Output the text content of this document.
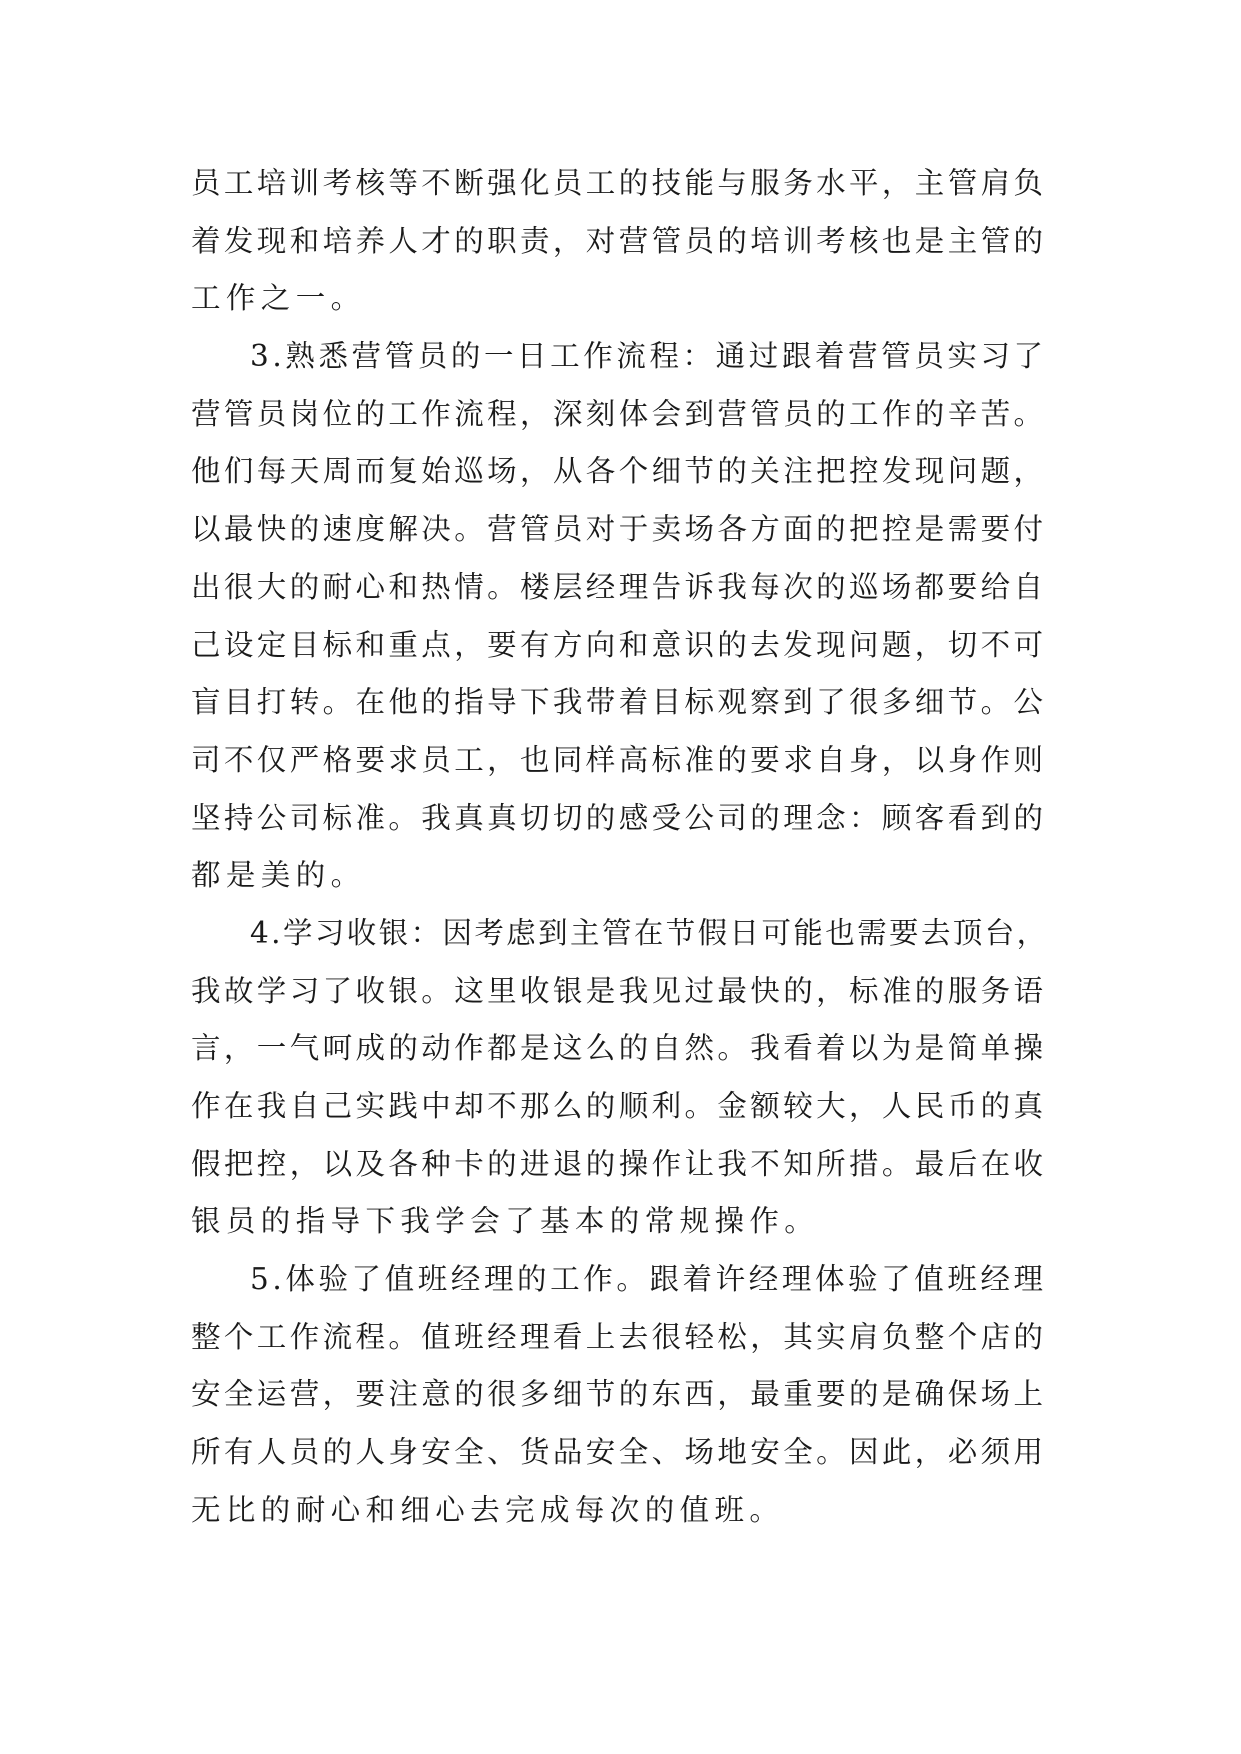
员工培训考核等不断强化员工的技能与服务水平，主管肩负
着发现和培养人才的职责，对营管员的培训考核也是主管的
工作之一。
3.熟悉营管员的一日工作流程：通过跟着营管员实习了
营管员岗位的工作流程，深刻体会到营管员的工作的辛苦。
他们每天周而复始巡场，从各个细节的关注把控发现问题，
以最快的速度解决。营管员对于卖场各方面的把控是需要付
出很大的耐心和热情。楼层经理告诉我每次的巡场都要给自
己设定目标和重点，要有方向和意识的去发现问题，切不可
盲目打转。在他的指导下我带着目标观察到了很多细节。公
司不仅严格要求员工，也同样高标准的要求自身，以身作则
坚持公司标准。我真真切切的感受公司的理念：顾客看到的
都是美的。
4.学习收银：因考虑到主管在节假日可能也需要去顶台，
我故学习了收银。这里收银是我见过最快的，标准的服务语
言，一气呵成的动作都是这么的自然。我看着以为是简单操
作在我自己实践中却不那么的顺利。金额较大，人民币的真
假把控，以及各种卡的进退的操作让我不知所措。最后在收
银员的指导下我学会了基本的常规操作。
5.体验了值班经理的工作。跟着许经理体验了值班经理
整个工作流程。值班经理看上去很轻松，其实肩负整个店的
安全运营，要注意的很多细节的东西，最重要的是确保场上
所有人员的人身安全、货品安全、场地安全。因此，必须用
无比的耐心和细心去完成每次的值班。
